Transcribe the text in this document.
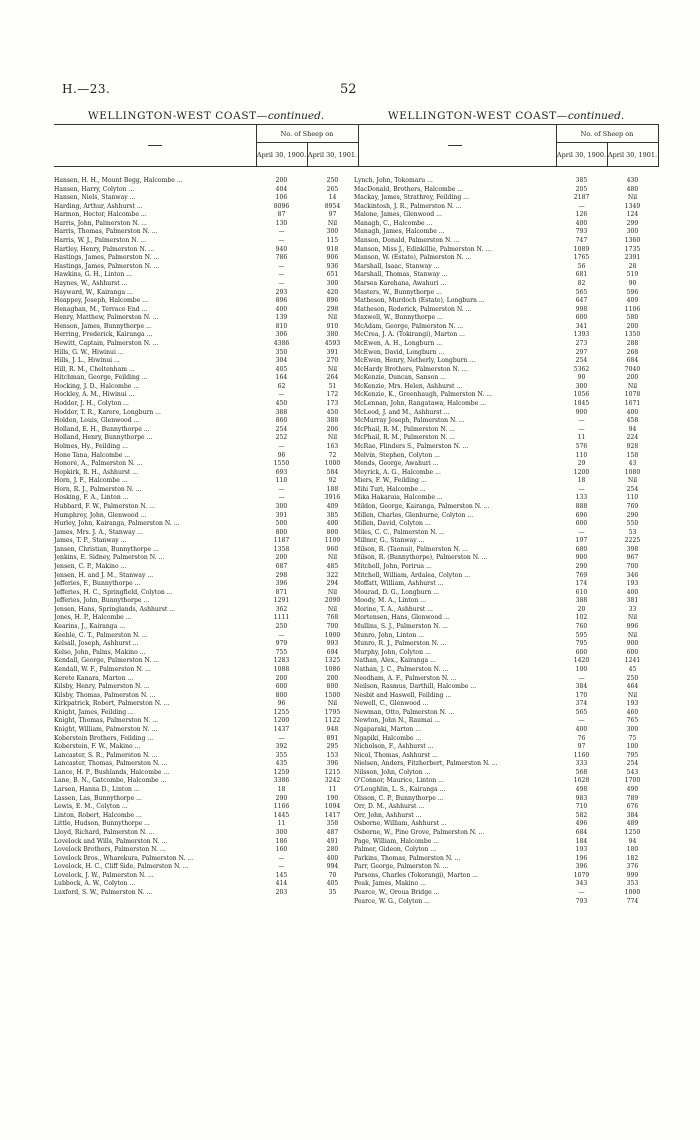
H.—23.	52
WELLINGTON-WEST COAST—continued.
	No. of Sheep on	
	April 30, 1900.	April 30, 1901.
Hansen, H. H., Mount Begg, Halcombe ...	200	250
Hansen, Harry, Colyton ...	404	265
Hansen, Niels, Stanway ...	106	14
Harding, Arthur, Ashhurst ...	8096	8954
Harmon, Hector, Halcombe ...	87	97
Harris, John, Palmerston N. ...	130	Nil
Harris, Thomas, Palmerston N. ...	—	300
Harris, W. J., Palmerston N. ...	—	115
Hartley, Henry, Palmerston N. ...	940	918
Hastings, James, Palmerston N. ...	786	906
Hastings, James, Palmerston N. ...	—	936
Hawkins, G. H., Linton ...	—	651
Haynes, W., Ashhurst ...	—	300
Hayward, W., Kairanga ...	293	420
Heappey, Joseph, Halcombe ...	896	896
Henaghan, M., Terrace End ...	400	298
Henry, Matthew, Palmerston N. ...	139	Nil
Henson, James, Bunnythorpe ...	810	910
Herring, Frederick, Kairanga ...	306	380
Hewitt, Captain, Palmerston N. ...	4386	4593
Hills, G. W., Hiwinui ...	350	391
Hills, J. L., Hiwinui ...	304	270
Hill, R. M., Cheltenham ...	405	Nil
Hitchman, George, Feilding ...	164	264
Hocking, J. D., Halcombe ...	62	51
Hockley, A. M., Hiwinui ...	—	172
Hodder, J. H., Colyton ...	450	173
Hodder, T. R., Karere, Longburn ...	388	450
Holden, Louis, Glenwood ...	860	388
Holland, E. H., Bunnythorpe ...	254	206
Holland, Henry, Bunnythorpe ...	252	Nil
Holmes, Hy., Feilding ...	—	163
Hone Tana, Halcombe ...	96	72
Honoré, A., Palmerston N. ...	1550	1000
Hopkirk, R. H., Ashhurst ...	693	584
Horn, J. F., Halcombe ...	110	92
Horn, R. J., Palmerston N. ...	—	188
Hosking, F. A., Linton ...	—	3916
Hubbard, F. W., Palmerston N. ...	300	409
Humphrey, John, Glenwood ...	391	385
Hurley, John, Kairanga, Palmerston N. ...	500	400
James, Mrs. J. A., Stanway ...	800	800
James, T. P., Stanway ...	1187	1100
Jansen, Christian, Bunnythorpe ...	1358	960
Jenkins, E. Sidney, Palmerston N. ...	200	Nil
Jensen, C. P., Makino ...	687	485
Jensen, H. and J. M., Stanway ...	298	322
Jefferies, F., Bunnythorpe ...	396	294
Jefferies, H. C., Springfield, Colyton ...	871	Nil
Jefferies, John, Bunnythorpe ...	1291	2090
Jensen, Hans, Springlands, Ashhurst ...	362	Nil
Jones, H. P., Halcombe ...	1111	768
Kearins, J., Kairanga ...	250	700
Keeble, C. T., Palmerston N. ...	—	1900
Kelsall, Joseph, Ashhurst ...	979	993
Kelso, John, Palms, Makino ...	755	694
Kendall, George, Palmerston N. ...	1283	1325
Kendall, W. F., Palmerston N. ...	1088	1086
Kerete Kanara, Marton ...	200	200
Kilsby, Henry, Palmerston N. ...	600	800
Kilsby, Thomas, Palmerston N. ...	800	1500
Kirkpatrick, Robert, Palmerston N. ...	96	Nil
Knight, James, Feilding ...	1255	1795
Knight, Thomas, Palmerston N. ...	1200	1122
Knight, William, Palmerston N. ...	1437	948
Koberstein Brothers, Feilding ...	—	891
Koberstein, F. W., Makino ...	392	295
Lancaster, S. R., Palmerston N. ...	355	153
Lancaster, Thomas, Palmerston N. ...	435	396
Lance, H. P., Bushlands, Halcombe ...	1259	1215
Lane, B. N., Gatcombe, Halcombe ...	3386	3242
Larsen, Hanna D., Linton ...	18	11
Lassen, Las, Bunnythorpe ...	290	190
Lewis, E. M., Colyton ...	1166	1094
Linton, Robert, Halcombe ...	1445	1417
Little, Hudson, Bunnythorpe ...	11	358
Lloyd, Richard, Palmerston N. ...	300	487
Lovelock and Wills, Palmerston N. ...	186	491
Lovelock Brothers, Palmerston N. ...	160	280
Lovelock Bros., Wharekura, Palmerston N. ...	—	400
Lovelock, H. C., Cliff Side, Palmerston N. ...	—	994
Lovelock, J. W., Palmerston N. ...	145	70
Lubbock, A. W., Colyton ...	414	405
Luxford, S. W., Palmerston N. ...	203	35
WELLINGTON-WEST COAST—continued.
	No. of Sheep on	
	April 30, 1900.	April 30, 1901.
Lynch, John, Tokomaru ...	385	430
MacDonald, Brothers, Halcombe ...	205	480
Mackay, James, Strathrey, Feilding ...	2187	Nil
Mackintosh, J. R., Palmerston N. ...	—	1349
Malone, James, Glenwood ...	126	124
Managh, C., Halcombe ...	400	299
Managh, James, Halcombe ...	793	300
Manson, Donald, Palmerston N. ...	747	1360
Manson, Miss J., Edinkillie, Palmerston N. ...	1089	1735
Manson, W. (Estate), Palmerston N. ...	1765	2391
Marshall, Isaac, Stanway ...	56	28
Marshall, Thomas, Stanway ...	681	519
Marsea Karehana, Awahuri ...	82	90
Masters, W., Bunnythorpe ...	565	596
Matheson, Murdoch (Estate), Longburn ...	647	409
Matheson, Roderick, Palmerston N. ...	998	1106
Maxwell, W., Bunnythorpe ...	600	580
McAdam, George, Palmerston N. ...	341	200
McCrea, J. A. (Tokirangi), Marton ...	1393	1350
McEwen, A. H., Longburn ...	273	288
McEwen, David, Longburn ...	297	268
McEwen, Henry, Netherly, Longburn ...	254	684
McHardy Brothers, Palmerston N. ...	5362	7040
McKenzie, Duncan, Sanson ...	90	200
McKenzie, Mrs. Helen, Ashhurst ...	300	Nil
McKenzie, K., Greenhaugh, Palmerston N. ...	1056	1078
McLennan, John, Rangatawa, Halcombe ...	1845	1671
McLeod, J. and M., Ashhurst ...	900	400
McMurray Joseph, Palmerston N. ...	—	458
McPhail, R. M., Palmerston N. ...	—	94
McPhail, R. M., Palmerston N. ...	11	224
McRae, Flinders S., Palmerston N. ...	576	928
Melvin, Stephen, Colyton ...	110	158
Mends, George, Awahuri ...	29	43
Meyrick, A. G., Halcombe ...	1200	1080
Miers, F. W., Feilding ...	18	Nil
Mihi Turi, Halcombe ...	—	254
Mika Hakaraia, Halcombe ...	133	110
Mildon, George, Kairanga, Palmerston N. ...	888	769
Millen, Charles, Glenburne, Colyton ...	696	290
Millen, David, Colyton ...	600	550
Miles, C. C., Palmerston N. ...	—	53
Millner, G., Stanway ...	197	2225
Milson, R. (Taonui), Palmerston N. ...	680	398
Milson, R. (Bunnythorpe), Palmerston N. ...	900	967
Mitchell, John, Porirua ...	290	700
Mitchell, William, Ardalea, Colyton ...	769	346
Moffatt, William, Ashhurst ...	174	193
Mourad, D. G., Longburn ...	610	400
Moody, M. A., Linton ...	388	381
Morine, T. A., Ashhurst ...	20	33
Mortensen, Hans, Glenwood ...	102	Nil
Mullins, S. J., Palmerston N. ...	760	996
Munro, John, Linton ...	595	Nil
Munro, R. J., Palmerston N. ...	795	900
Murphy, John, Colyton ...	600	600
Nathan, Alex., Kairanga ...	1420	1241
Nathan, J. C., Palmerston N. ...	100	45
Needham, A. F., Palmerston N. ...	—	250
Neilson, Rasmus, Darthill, Halcombe ...	384	464
Nesbit and Haswell, Feilding ...	170	Nil
Newell, C., Glenwood ...	374	193
Newman, Otto, Palmerston N. ...	565	460
Newton, John N., Raumai ...	—	765
Ngaparaki, Marton ...	400	300
Ngapiki, Halcombe ...	76	75
Nicholson, F., Ashhurst ...	97	100
Nicol, Thomas, Ashhurst ...	1160	795
Nielsen, Anders, Fitzherbert, Palmerston N. ...	333	254
Nilsson, John, Colyton ...	568	543
O'Connor, Maurice, Linton ...	1628	1700
O'Loughlin, L. S., Kairanga ...	498	490
Olsson, C. P., Bunnythorpe ...	983	789
Orr, D. M., Ashhurst ...	710	676
Orr, John, Ashhurst ...	582	384
Osborne, William, Ashhurst ...	496	489
Osborne, W., Pine Grove, Palmerston N. ...	684	1250
Page, William, Halcombe ...	184	94
Palmer, Gideon, Colyton ...	193	180
Parkins, Thomas, Palmerston N. ...	196	182
Parr, George, Palmerston N. ...	396	376
Parsons, Charles (Tokorangi), Marton ...	1079	999
Peak, James, Makino ...	343	353
Pearce, W., Oroua Bridge ...	—	1000
Pearce, W. G., Colyton ...	793	774
